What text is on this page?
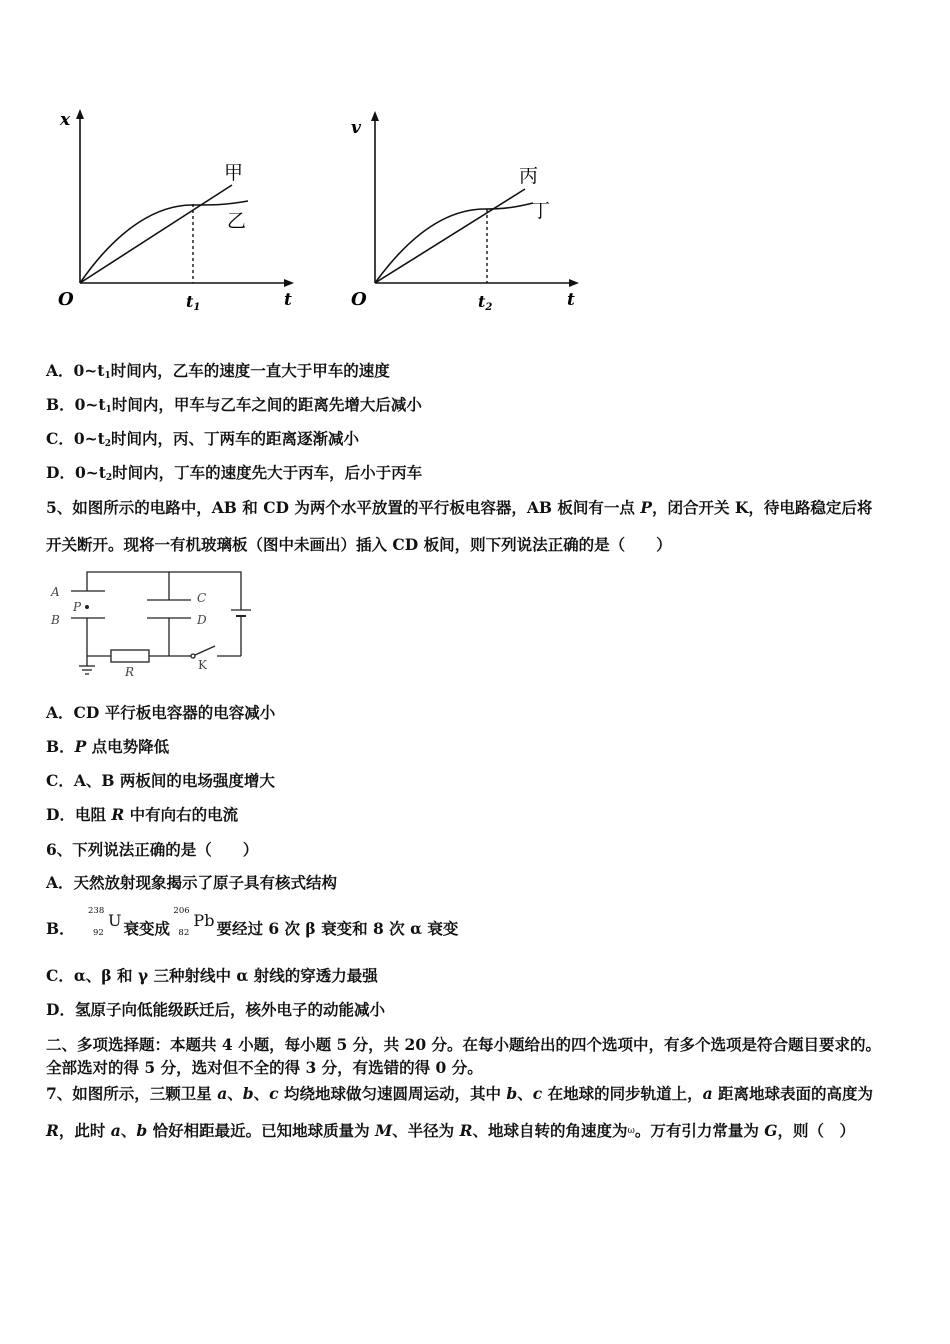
x
O	t
t1
甲
乙
v
O	t
t2
丙
丁
A．$0\sim t_1$时间内，乙车的速度一直大于甲车的速度
B．$0\sim t_1$时间内，甲车与乙车之间的距离先增大后减小
C．$0\sim t_2$时间内，丙、丁两车的距离逐渐减小
D．$0\sim t_2$时间内，丁车的速度先大于丙车，后小于丙车
5、如图所示的电路中，AB 和 CD 为两个水平放置的平行板电容器，AB 板间有一点 P，闭合开关 K，待电路稳定后将
开关断开。现将一有机玻璃板（图中未画出）插入 CD 板间，则下列说法正确的是（　　）
A
B
P
C
D
R	K
A．CD 平行板电容器的电容减小
B．P 点电势降低
C．A、B 两板间的电场强度增大
D．电阻 R 中有向右的电流
6、下列说法正确的是（　　）
A．天然放射现象揭示了原子具有核式结构
B．
238
92
U 衰变成
206
82
Pb 要经过 6 次 β 衰变和 8 次 α 衰变
C．α、β 和 γ 三种射线中 α 射线的穿透力最强
D．氢原子向低能级跃迁后，核外电子的动能减小
二、多项选择题：本题共 4 小题，每小题 5 分，共 20 分。在每小题给出的四个选项中，有多个选项是符合题目要求的。
全部选对的得 5 分，选对但不全的得 3 分，有选错的得 0 分。
7、如图所示，三颗卫星 a、b、c 均绕地球做匀速圆周运动，其中 b、c 在地球的同步轨道上，a 距离地球表面的高度为
R，此时 a、b 恰好相距最近。已知地球质量为 M、半径为 R、地球自转的角速度为ω。万有引力常量为 G，则（　）
